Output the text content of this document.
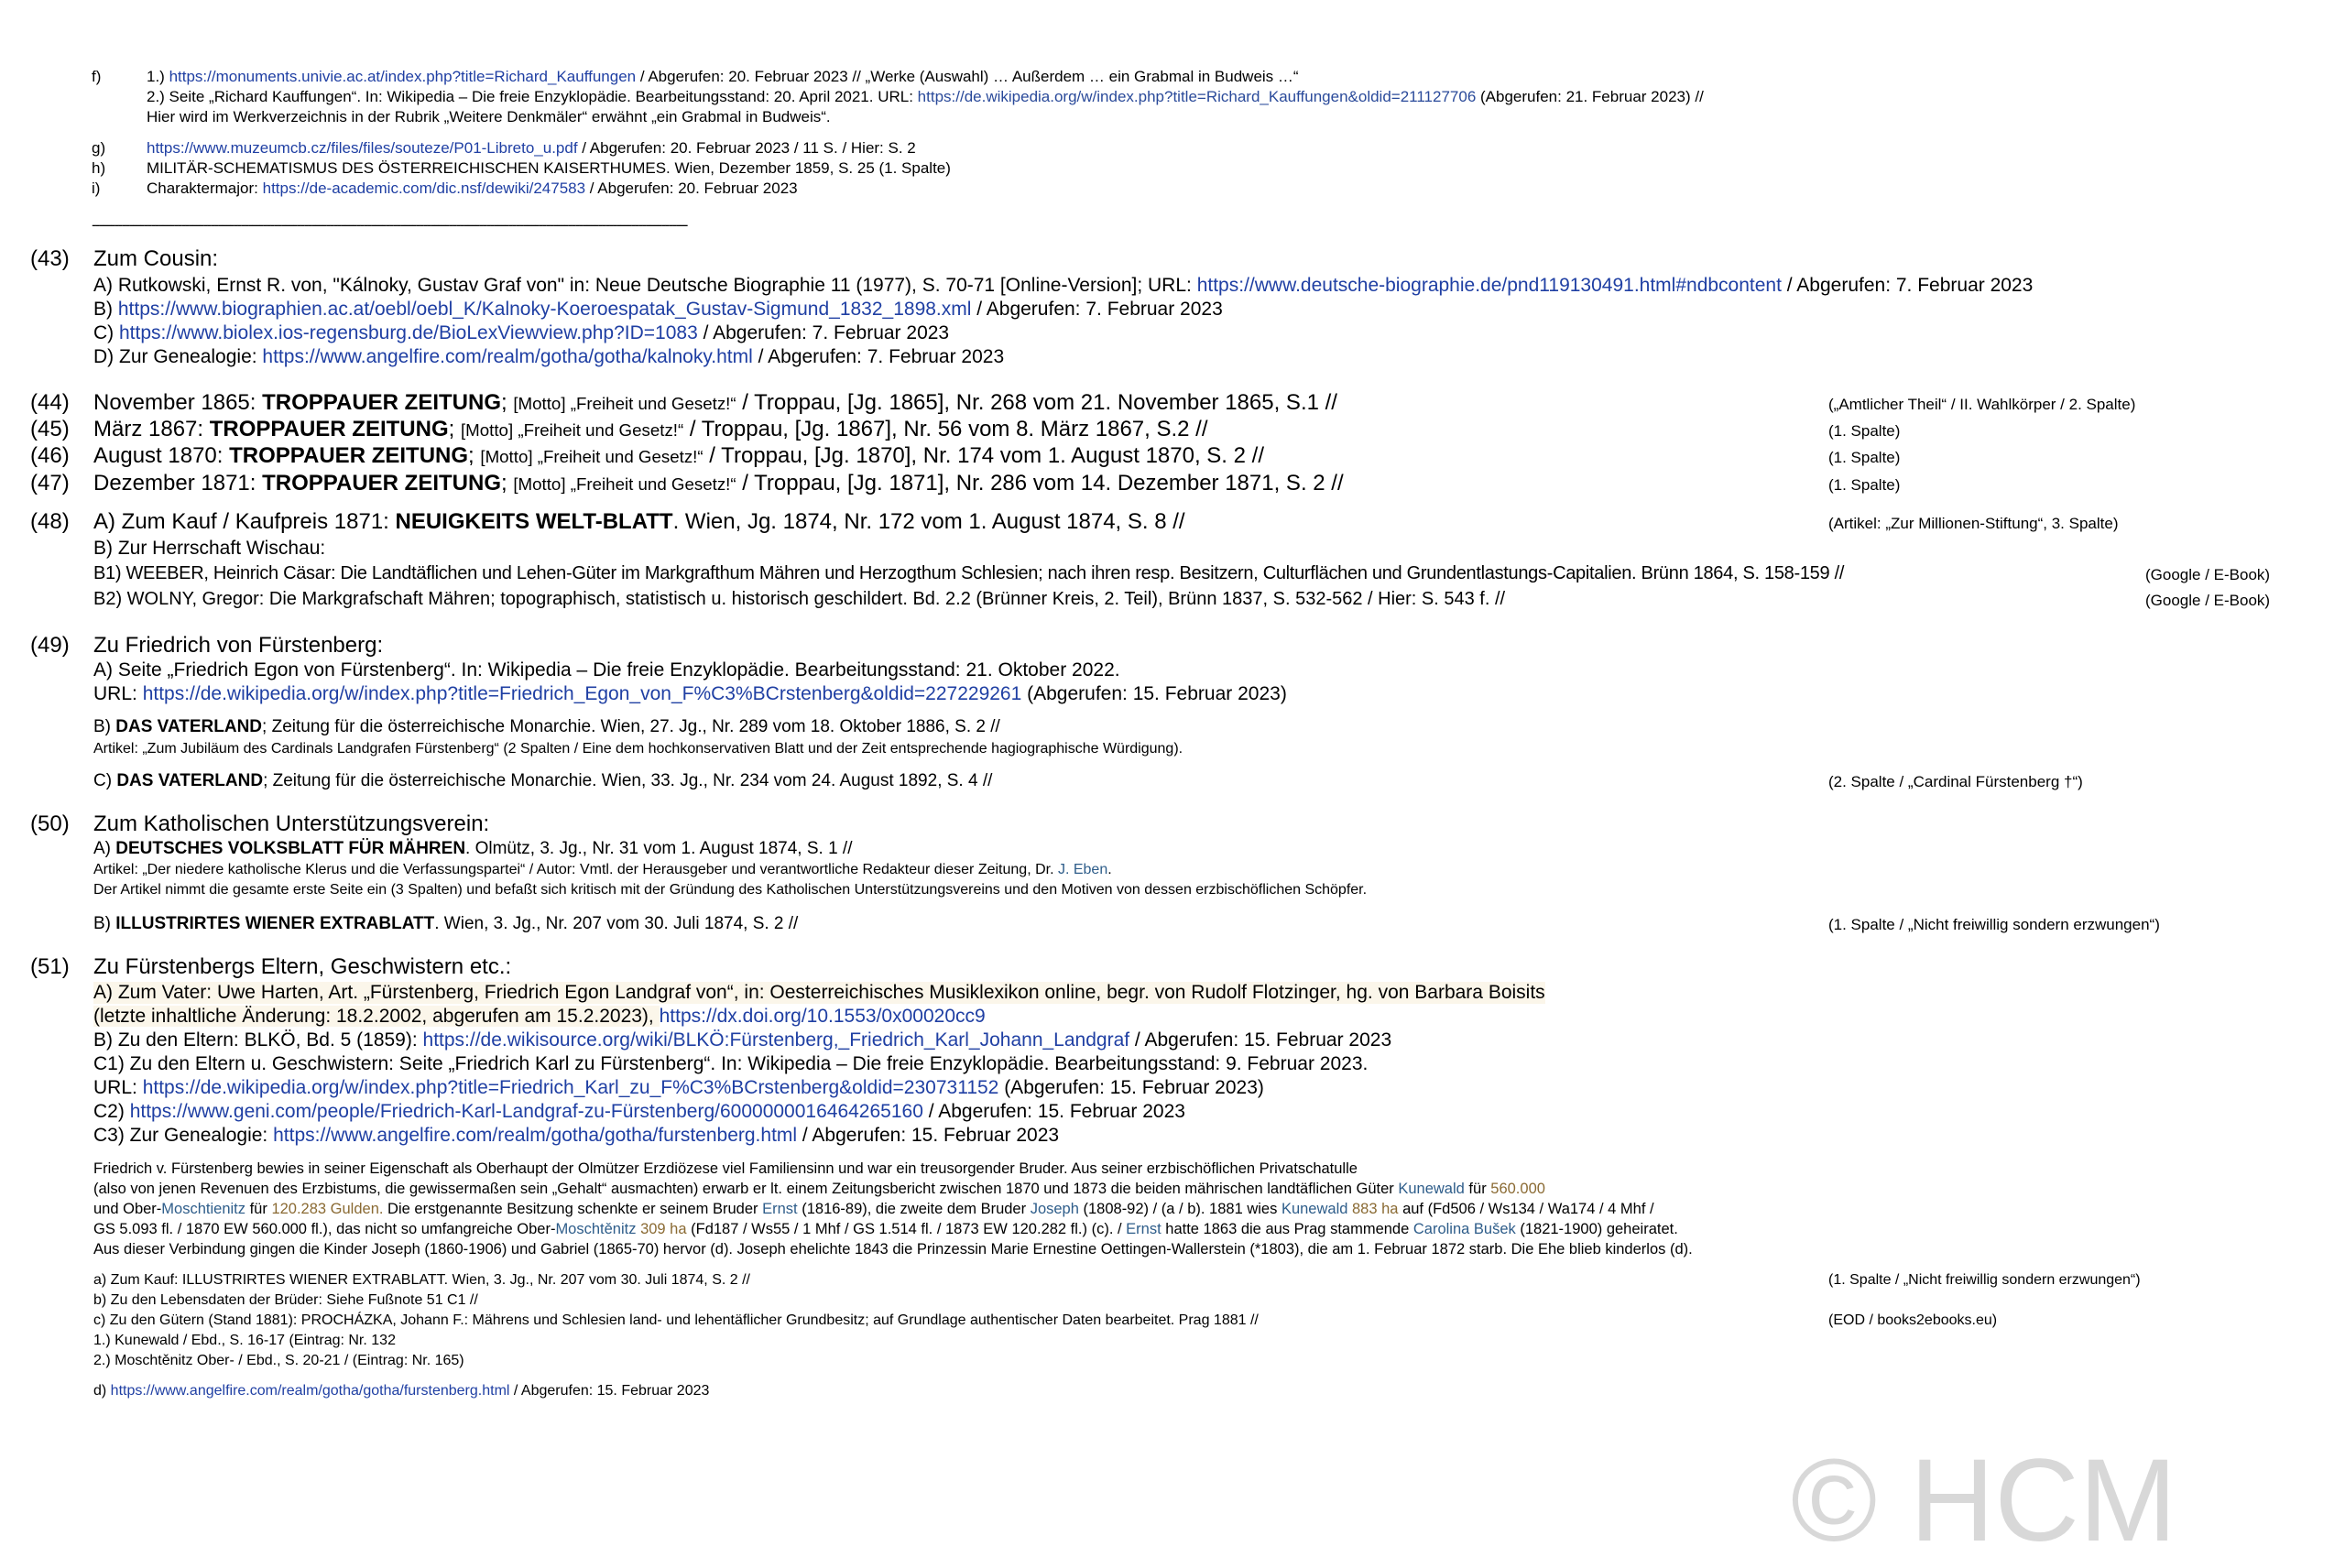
f)	1.) https://monuments.univie.ac.at/index.php?title=Richard_Kauffungen / Abgerufen: 20. Februar 2023 // „Werke (Auswahl) … Außerdem … ein Grabmal in Budweis …“
2.) Seite „Richard Kauffungen“. In: Wikipedia – Die freie Enzyklopädie. Bearbeitungsstand: 20. April 2021. URL: https://de.wikipedia.org/w/index.php?title=Richard_Kauffungen&oldid=211127706 (Abgerufen: 21. Februar 2023) //
Hier wird im Werkverzeichnis in der Rubrik „Weitere Denkmäler“ erwähnt „ein Grabmal in Budweis“.
g)	https://www.muzeumcb.cz/files/files/souteze/P01-Libreto_u.pdf / Abgerufen: 20. Februar 2023 / 11 S. / Hier: S. 2
h)	MILITÄR-SCHEMATISMUS DES ÖSTERREICHISCHEN KAISERTHUMES. Wien, Dezember 1859, S. 25 (1. Spalte)
i)	Charaktermajor: https://de-academic.com/dic.nsf/dewiki/247583 / Abgerufen: 20. Februar 2023
----------------------------------------------------------------------------------------------------------------------------------------------------------------
(43) Zum Cousin:
A) Rutkowski, Ernst R. von, "Kálnoky, Gustav Graf von" in: Neue Deutsche Biographie 11 (1977), S. 70-71 [Online-Version]; URL: https://www.deutsche-biographie.de/pnd119130491.html#ndbcontent / Abgerufen: 7. Februar 2023
B) https://www.biographien.ac.at/oebl/oebl_K/Kalnoky-Koeroespatak_Gustav-Sigmund_1832_1898.xml / Abgerufen: 7. Februar 2023
C) https://www.biolex.ios-regensburg.de/BioLexViewview.php?ID=1083 / Abgerufen: 7. Februar 2023
D) Zur Genealogie: https://www.angelfire.com/realm/gotha/gotha/kalnoky.html / Abgerufen: 7. Februar 2023
(44) November 1865: TROPPAUER ZEITUNG; [Motto] „Freiheit und Gesetz!“ / Troppau, [Jg. 1865], Nr. 268 vom 21. November 1865, S.1 //	(„Amtlicher Theil“ / II. Wahlkörper / 2. Spalte)
(45) März 1867: TROPPAUER ZEITUNG; [Motto] „Freiheit und Gesetz!“ / Troppau, [Jg. 1867], Nr. 56 vom 8. März 1867, S.2 //	(1. Spalte)
(46) August 1870: TROPPAUER ZEITUNG; [Motto] „Freiheit und Gesetz!“ / Troppau, [Jg. 1870], Nr. 174 vom 1. August 1870, S. 2 //	(1. Spalte)
(47) Dezember 1871: TROPPAUER ZEITUNG; [Motto] „Freiheit und Gesetz!“ / Troppau, [Jg. 1871], Nr. 286 vom 14. Dezember 1871, S. 2 //	(1. Spalte)
(48) A) Zum Kauf / Kaufpreis 1871: NEUIGKEITS WELT-BLATT. Wien, Jg. 1874, Nr. 172 vom 1. August 1874, S. 8 //	(Artikel: „Zur Millionen-Stiftung“, 3. Spalte)
B) Zur Herrschaft Wischau:
B1) WEEBER, Heinrich Cäsar: Die Landtäflichen und Lehen-Güter im Markgrafthum Mähren und Herzogthum Schlesien; nach ihren resp. Besitzern, Culturflächen und Grundentlastungs-Capitalien. Brünn 1864, S. 158-159 //	(Google / E-Book)
B2) WOLNY, Gregor: Die Markgrafschaft Mähren; topographisch, statistisch u. historisch geschildert. Bd. 2.2 (Brünner Kreis, 2. Teil), Brünn 1837, S. 532-562 / Hier: S. 543 f. //	(Google / E-Book)
(49) Zu Friedrich von Fürstenberg:
A) Seite „Friedrich Egon von Fürstenberg“. In: Wikipedia – Die freie Enzyklopädie. Bearbeitungsstand: 21. Oktober 2022.
URL: https://de.wikipedia.org/w/index.php?title=Friedrich_Egon_von_F%C3%BCrstenberg&oldid=227229261 (Abgerufen: 15. Februar 2023)
B) DAS VATERLAND; Zeitung für die österreichische Monarchie. Wien, 27. Jg., Nr. 289 vom 18. Oktober 1886, S. 2 //
Artikel: „Zum Jubiläum des Cardinals Landgrafen Fürstenberg“ (2 Spalten / Eine dem hochkonservativen Blatt und der Zeit entsprechende hagiographische Würdigung).
C) DAS VATERLAND; Zeitung für die österreichische Monarchie. Wien, 33. Jg., Nr. 234 vom 24. August 1892, S. 4 //	(2. Spalte / „Cardinal Fürstenberg †“)
(50) Zum Katholischen Unterstützungsverein:
A) DEUTSCHES VOLKSBLATT FÜR MÄHREN. Olmütz, 3. Jg., Nr. 31 vom 1. August 1874, S. 1 //
Artikel: „Der niedere katholische Klerus und die Verfassungspartei“ / Autor: Vmtl. der Herausgeber und verantwortliche Redakteur dieser Zeitung, Dr. J. Eben.
Der Artikel nimmt die gesamte erste Seite ein (3 Spalten) und befaßt sich kritisch mit der Gründung des Katholischen Unterstützungsvereins und den Motiven von dessen erzbischöflichen Schöpfer.
B) ILLUSTRIRTES WIENER EXTRABLATT. Wien, 3. Jg., Nr. 207 vom 30. Juli 1874, S. 2 //	(1. Spalte / „Nicht freiwillig sondern erzwungen“)
(51) Zu Fürstenbergs Eltern, Geschwistern etc.:
A) Zum Vater: Uwe Harten, Art. „Fürstenberg, Friedrich Egon Landgraf von“, in: Oesterreichisches Musiklexikon online, begr. von Rudolf Flotzinger, hg. von Barbara Boisits
(letzte inhaltliche Änderung: 18.2.2002, abgerufen am 15.2.2023), https://dx.doi.org/10.1553/0x00020cc9
B) Zu den Eltern: BLKÖ, Bd. 5 (1859): https://de.wikisource.org/wiki/BLKÖ:Fürstenberg,_Friedrich_Karl_Johann_Landgraf / Abgerufen: 15. Februar 2023
C1) Zu den Eltern u. Geschwistern: Seite „Friedrich Karl zu Fürstenberg“. In: Wikipedia – Die freie Enzyklopädie. Bearbeitungsstand: 9. Februar 2023.
URL: https://de.wikipedia.org/w/index.php?title=Friedrich_Karl_zu_F%C3%BCrstenberg&oldid=230731152 (Abgerufen: 15. Februar 2023)
C2) https://www.geni.com/people/Friedrich-Karl-Landgraf-zu-Fürstenberg/6000000016464265160 / Abgerufen: 15. Februar 2023
C3) Zur Genealogie: https://www.angelfire.com/realm/gotha/gotha/furstenberg.html / Abgerufen: 15. Februar 2023
Friedrich v. Fürstenberg bewies in seiner Eigenschaft als Oberhaupt der Olmützer Erzdiözese viel Familiensinn und war ein treusorgender Bruder. Aus seiner erzbischöflichen Privatschatulle
(also von jenen Revenuen des Erzbistums, die gewissermaßen sein „Gehalt“ ausmachten) erwarb er lt. einem Zeitungsbericht zwischen 1870 und 1873 die beiden mährischen landtäflichen Güter Kunewald für 560.000
und Ober-Moschtienitz für 120.283 Gulden. Die erstgenannte Besitzung schenkte er seinem Bruder Ernst (1816-89), die zweite dem Bruder Joseph (1808-92) / (a / b). 1881 wies Kunewald 883 ha auf (Fd506 / Ws134 / Wa174 / 4 Mhf /
GS 5.093 fl. / 1870 EW 560.000 fl.), das nicht so umfangreiche Ober-Moschtěnitz 309 ha (Fd187 / Ws55 / 1 Mhf / GS 1.514 fl. / 1873 EW 120.282 fl.) (c). / Ernst hatte 1863 die aus Prag stammende Carolina Bušek (1821-1900) geheiratet.
Aus dieser Verbindung gingen die Kinder Joseph (1860-1906) und Gabriel (1865-70) hervor (d). Joseph ehelichte 1843 die Prinzessin Marie Ernestine Oettingen-Wallerstein (*1803), die am 1. Februar 1872 starb. Die Ehe blieb kinderlos (d).
a) Zum Kauf: ILLUSTRIRTES WIENER EXTRABLATT. Wien, 3. Jg., Nr. 207 vom 30. Juli 1874, S. 2 //	(1. Spalte / „Nicht freiwillig sondern erzwungen“)
b) Zu den Lebensdaten der Brüder: Siehe Fußnote 51 C1 //
c) Zu den Gütern (Stand 1881): PROCHÁZKA, Johann F.: Mährens und Schlesien land- und lehentäflicher Grundbesitz; auf Grundlage authentischer Daten bearbeitet. Prag 1881 //	(EOD / books2ebooks.eu)
1.) Kunewald / Ebd., S. 16-17 (Eintrag: Nr. 132
2.) Moschtěnitz Ober- / Ebd., S. 20-21 / (Eintrag: Nr. 165)
d) https://www.angelfire.com/realm/gotha/gotha/furstenberg.html / Abgerufen: 15. Februar 2023
© HCM
